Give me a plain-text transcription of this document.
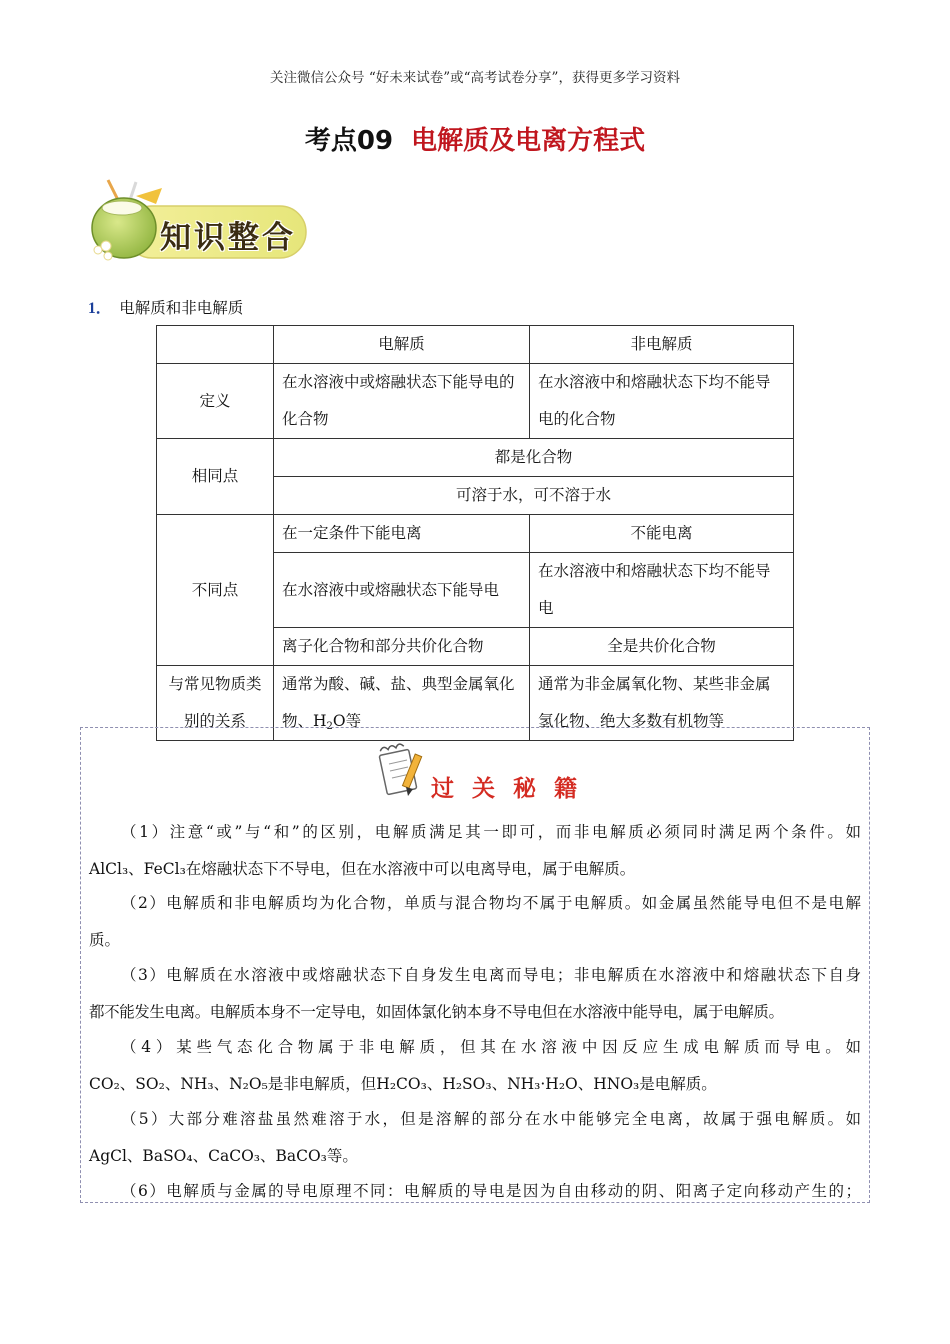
关注微信公众号 “好未来试卷”或“高考试卷分享”，获得更多学习资料
考点09 电解质及电离方程式
知识整合
1． 电解质和非电解质
	电解质	非电解质
定义	在水溶液中或熔融状态下能导电的化合物	在水溶液中和熔融状态下均不能导电的化合物
相同点	都是化合物	
	可溶于水，可不溶于水	
不同点	在一定条件下能电离	不能电离
	在水溶液中或熔融状态下能导电	在水溶液中和熔融状态下均不能导电
	离子化合物和部分共价化合物	全是共价化合物
与常见物质类别的关系	通常为酸、碱、盐、典型金属氧化物、$H_2O$等	通常为非金属氧化物、某些非金属氢化物、绝大多数有机物等
过关秘籍
（1）注意“或”与“和”的区别，电解质满足其一即可，而非电解质必须同时满足两个条件。如
AlCl₃、FeCl₃在熔融状态下不导电，但在水溶液中可以电离导电，属于电解质。
（2）电解质和非电解质均为化合物，单质与混合物均不属于电解质。如金属虽然能导电但不是电解
质。
（3）电解质在水溶液中或熔融状态下自身发生电离而导电；非电解质在水溶液中和熔融状态下自身
都不能发生电离。电解质本身不一定导电，如固体氯化钠本身不导电但在水溶液中能导电，属于电解质。
（4）某些气态化合物属于非电解质，但其在水溶液中因反应生成电解质而导电。如
CO₂、SO₂、NH₃、N₂O₅是非电解质，但H₂CO₃、H₂SO₃、NH₃·H₂O、HNO₃是电解质。
（5）大部分难溶盐虽然难溶于水，但是溶解的部分在水中能够完全电离，故属于强电解质。如
AgCl、BaSO₄、CaCO₃、BaCO₃等。
（6）电解质与金属的导电原理不同：电解质的导电是因为自由移动的阴、阳离子定向移动产生的；
